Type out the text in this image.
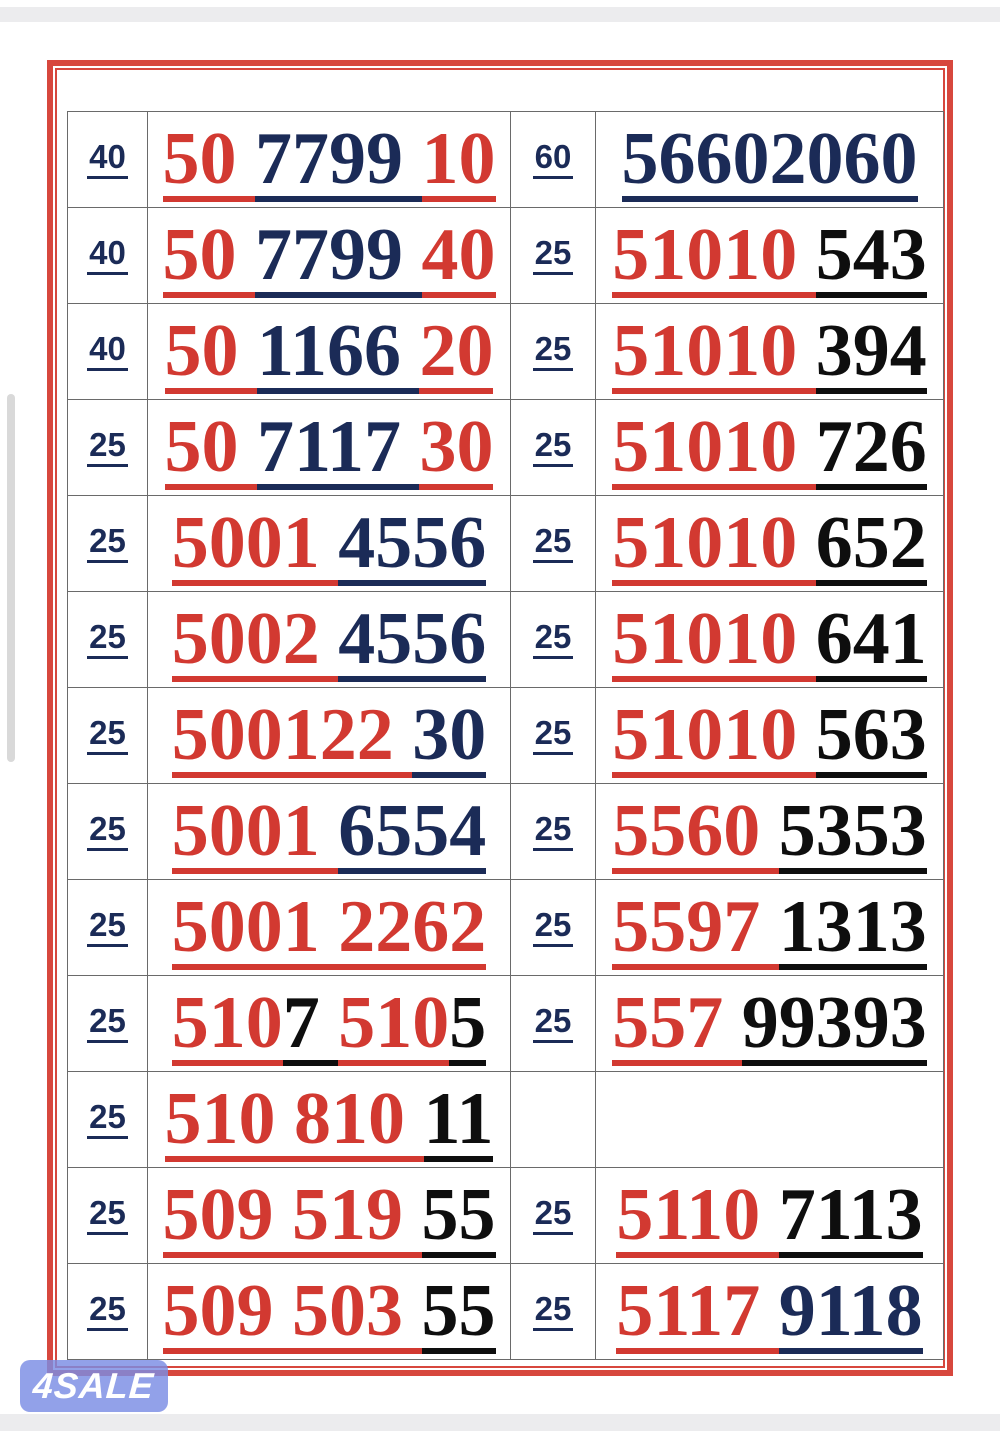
40	50 7799 10	60	56602060
40	50 7799 40	25	51010 543
40	50 1166 20	25	51010 394
25	50 7117 30	25	51010 726
25	5001 4556	25	51010 652
25	5002 4556	25	51010 641
25	500122 30	25	51010 563
25	5001 6554	25	5560 5353
25	5001 2262	25	5597 1313
25	5107 5105	25	557 99393
25	510 810 11		
25	509 519 55	25	5110 7113
25	509 503 55	25	5117 9118
4SALE
